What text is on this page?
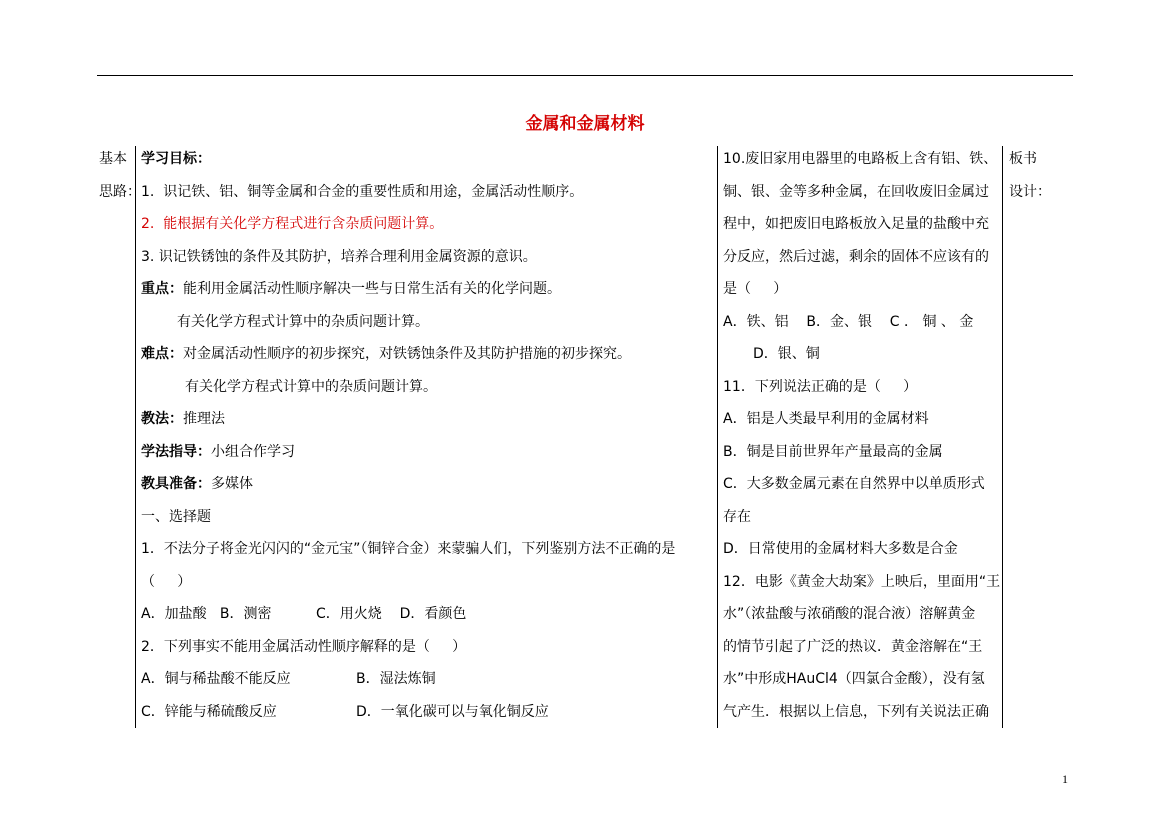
金属和金属材料
基本
思路：
学习目标：
1.  识记铁、铝、铜等金属和合金的重要性质和用途，金属活动性顺序。
2.  能根据有关化学方程式进行含杂质问题计算。
3. 识记铁锈蚀的条件及其防护，培养合理利用金属资源的意识。
重点：能利用金属活动性顺序解决一些与日常生活有关的化学问题。
有关化学方程式计算中的杂质问题计算。
难点：对金属活动性顺序的初步探究，对铁锈蚀条件及其防护措施的初步探究。
有关化学方程式计算中的杂质问题计算。
教法：推理法
学法指导：小组合作学习
教具准备：多媒体
一、选择题
1．不法分子将金光闪闪的“金元宝”（铜锌合金）来蒙骗人们，下列鉴别方法不正确的是
（     ）
A．加盐酸   B．测密          C．用火烧    D．看颜色
2．下列事实不能用金属活动性顺序解释的是（     ）
A．铜与稀盐酸不能反应	B．湿法炼铜
C．锌能与稀硫酸反应	D．一氧化碳可以与氧化铜反应
10.废旧家用电器里的电路板上含有铝、铁、
铜、银、金等多种金属，在回收废旧金属过
程中，如把废旧电路板放入足量的盐酸中充
分反应，然后过滤，剩余的固体不应该有的
是（     ）
A．铁、铝    B．金、银    C ． 铜 、 金
D．银、铜
11．下列说法正确的是（     ）
A．铝是人类最早利用的金属材料
B．铜是目前世界年产量最高的金属
C．大多数金属元素在自然界中以单质形式
存在
D．日常使用的金属材料大多数是合金
12．电影《黄金大劫案》上映后，里面用“王
水”（浓盐酸与浓硝酸的混合液）溶解黄金
的情节引起了广泛的热议．黄金溶解在“王
水”中形成HAuCl4（四氯合金酸），没有氢
气产生．根据以上信息，下列有关说法正确
板书
设计：
1
